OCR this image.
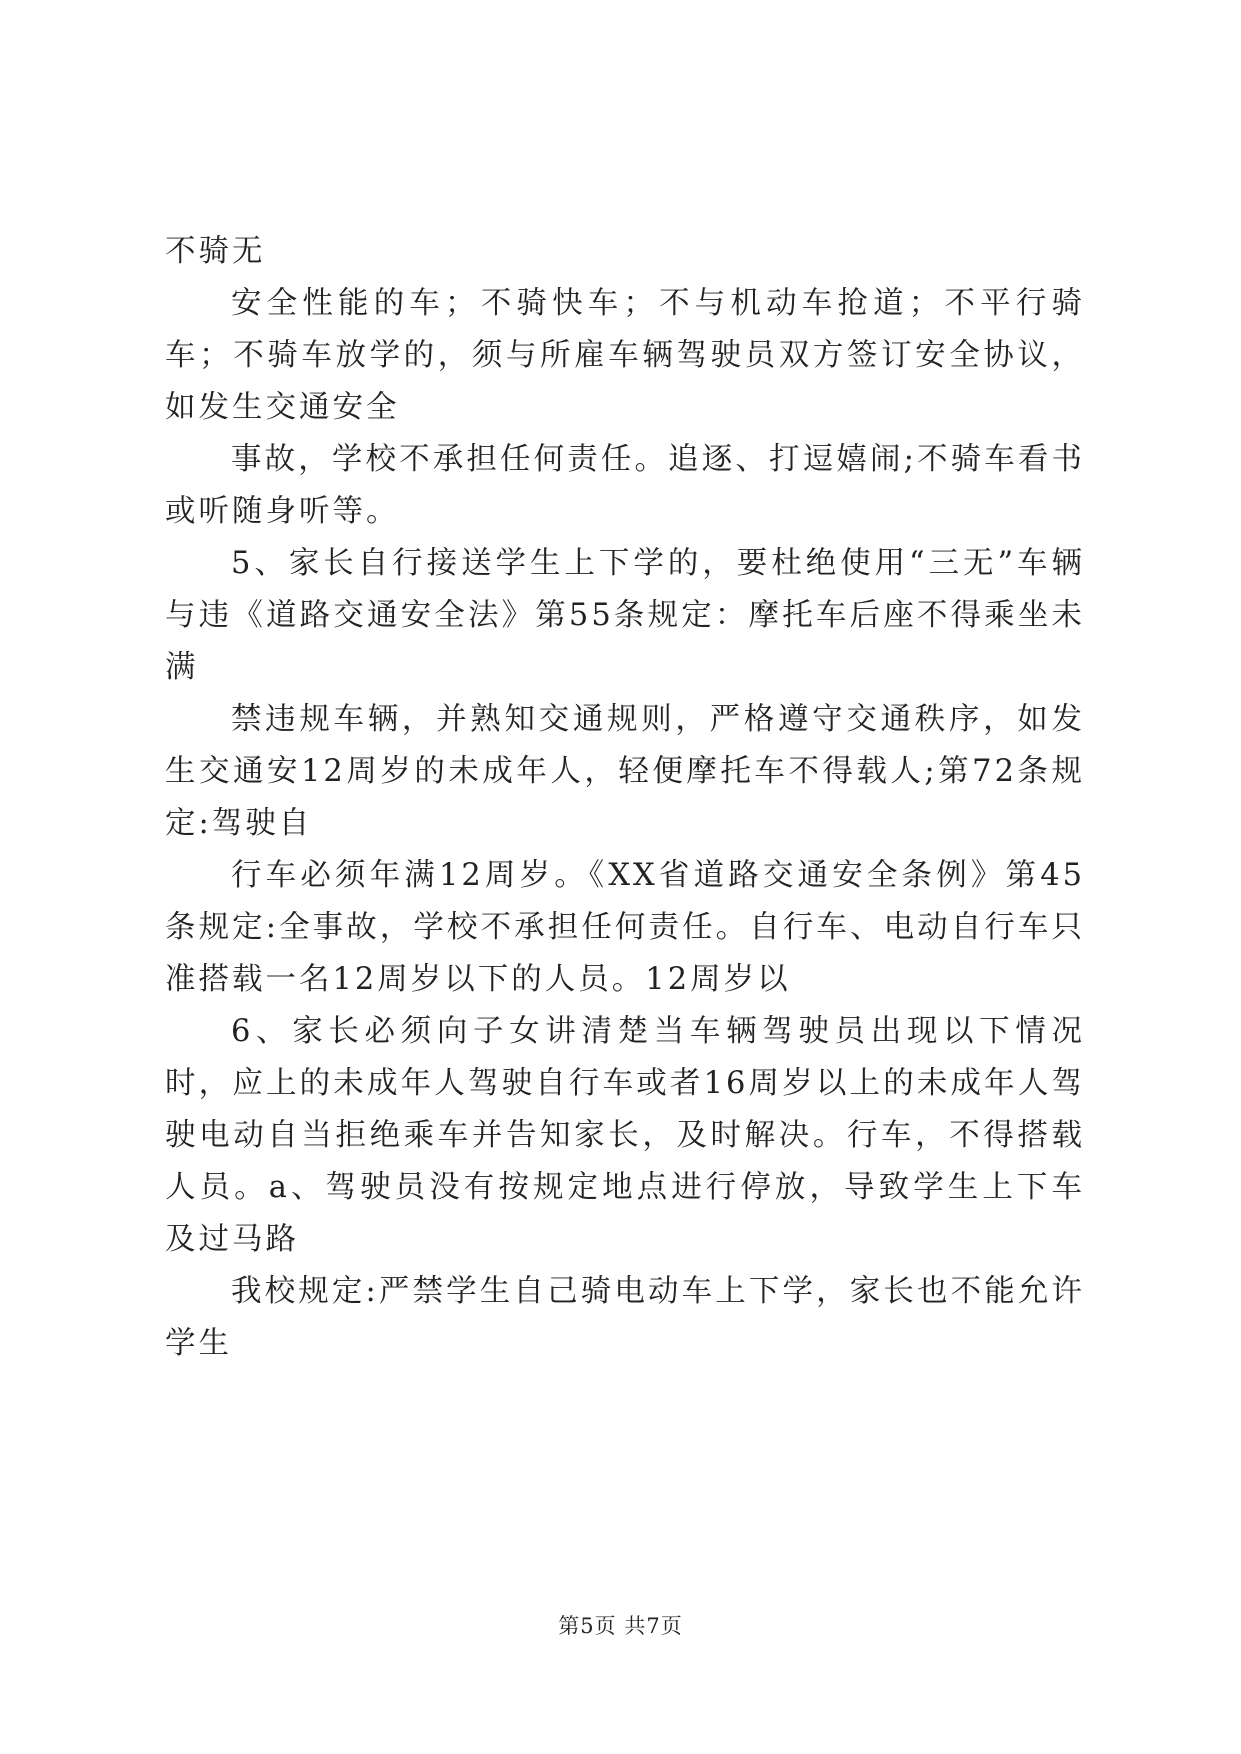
不骑无

安全性能的车；不骑快车；不与机动车抢道；不平行骑车；不骑车放学的，须与所雇车辆驾驶员双方签订安全协议，如发生交通安全

事故，学校不承担任何责任。追逐、打逗嬉闹;不骑车看书或听随身听等。

5、家长自行接送学生上下学的，要杜绝使用“三无”车辆与违《道路交通安全法》第55条规定：摩托车后座不得乘坐未满

禁违规车辆，并熟知交通规则，严格遵守交通秩序，如发生交通安12周岁的未成年人，轻便摩托车不得载人;第72条规定:驾驶自

行车必须年满12周岁。《XX省道路交通安全条例》第45条规定:全事故，学校不承担任何责任。自行车、电动自行车只准搭载一名12周岁以下的人员。12周岁以

6、家长必须向子女讲清楚当车辆驾驶员出现以下情况时，应上的未成年人驾驶自行车或者16周岁以上的未成年人驾驶电动自当拒绝乘车并告知家长，及时解决。行车，不得搭载人员。a、驾驶员没有按规定地点进行停放，导致学生上下车及过马路

我校规定:严禁学生自己骑电动车上下学，家长也不能允许学生

第5页 共7页
